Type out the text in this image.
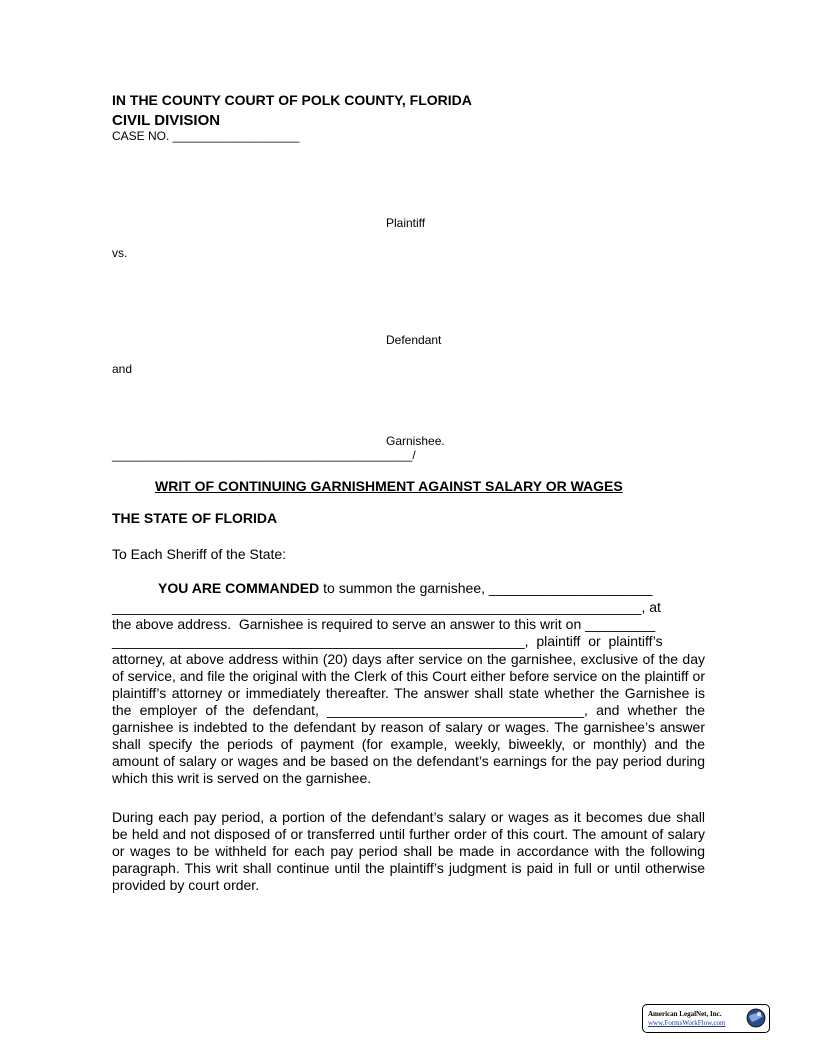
IN THE COUNTY COURT OF POLK COUNTY, FLORIDA
CIVIL DIVISION
CASE NO. ___________________
Plaintiff
vs.
Defendant
and
Garnishee.
_____________________________________________/
WRIT OF CONTINUING GARNISHMENT AGAINST SALARY OR WAGES
THE STATE OF FLORIDA
To Each Sheriff of the State:
YOU ARE COMMANDED to summon the garnishee, _____________________
____________________________________________________________________, at
the above address.  Garnishee is required to serve an answer to this writ on _________
_____________________________________________________,  plaintiff  or  plaintiff’s
attorney, at above address within (20) days after service on the garnishee, exclusive of the day of service, and file the original with the Clerk of this Court either before service on the plaintiff or plaintiff’s attorney or immediately thereafter. The answer shall state whether the Garnishee is the employer of the defendant, _________________________________, and whether the garnishee is indebted to the defendant by reason of salary or wages. The garnishee’s answer shall specify the periods of payment (for example, weekly, biweekly, or monthly) and the amount of salary or wages and be based on the defendant’s earnings for the pay period during which this writ is served on the garnishee.
During each pay period, a portion of the defendant’s salary or wages as it becomes due shall be held and not disposed of or transferred until further order of this court. The amount of salary or wages to be withheld for each pay period shall be made in accordance with the following paragraph. This writ shall continue until the plaintiff’s judgment is paid in full or until otherwise provided by court order.
American LegalNet, Inc.
www.FormsWorkFlow.com
